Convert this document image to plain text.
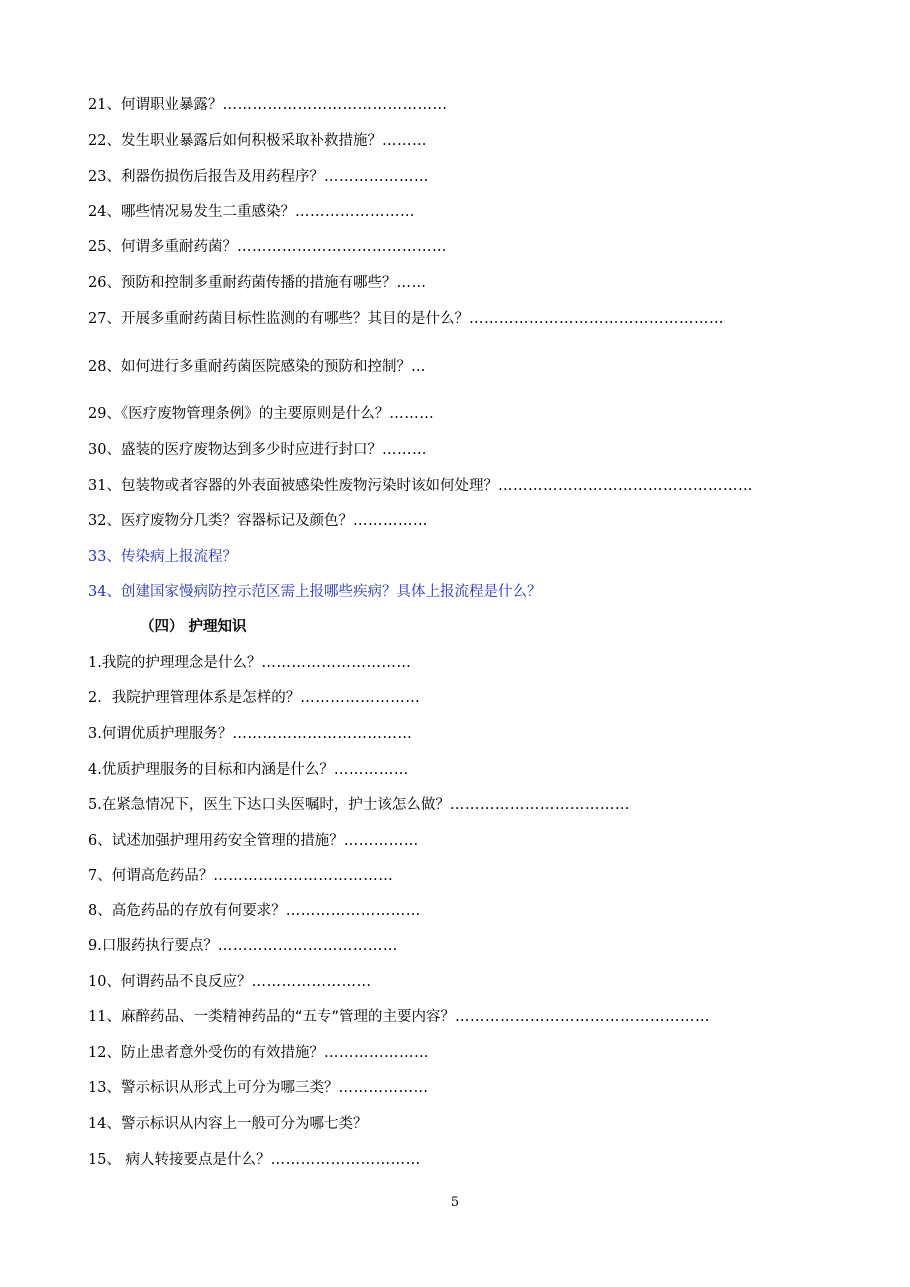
21、何谓职业暴露？………………………………………
22、发生职业暴露后如何积极采取补救措施？………
23、利器伤损伤后报告及用药程序？…………………
24、哪些情况易发生二重感染？……………………
25、何谓多重耐药菌？……………………………………
26、预防和控制多重耐药菌传播的措施有哪些？……
27、开展多重耐药菌目标性监测的有哪些？其目的是什么？……………………………………………
28、如何进行多重耐药菌医院感染的预防和控制？…
29、《医疗废物管理条例》的主要原则是什么？………
30、盛装的医疗废物达到多少时应进行封口？………
31、包装物或者容器的外表面被感染性废物污染时该如何处理？……………………………………………
32、医疗废物分几类？容器标记及颜色？……………
33、传染病上报流程？
34、创建国家慢病防控示范区需上报哪些疾病？具体上报流程是什么？
（四） 护理知识
1.我院的护理理念是什么？…………………………
2．我院护理管理体系是怎样的？……………………
3.何谓优质护理服务？………………………………
4.优质护理服务的目标和内涵是什么？……………
5.在紧急情况下，医生下达口头医嘱时，护士该怎么做？………………………………
6、试述加强护理用药安全管理的措施？……………
7、何谓高危药品？………………………………
8、高危药品的存放有何要求？………………………
9.口服药执行要点？………………………………
10、何谓药品不良反应？……………………
11、麻醉药品、一类精神药品的“五专”管理的主要内容？……………………………………………
12、防止患者意外受伤的有效措施？…………………
13、警示标识从形式上可分为哪三类？………………
14、警示标识从内容上一般可分为哪七类？
15、 病人转接要点是什么？…………………………
5
